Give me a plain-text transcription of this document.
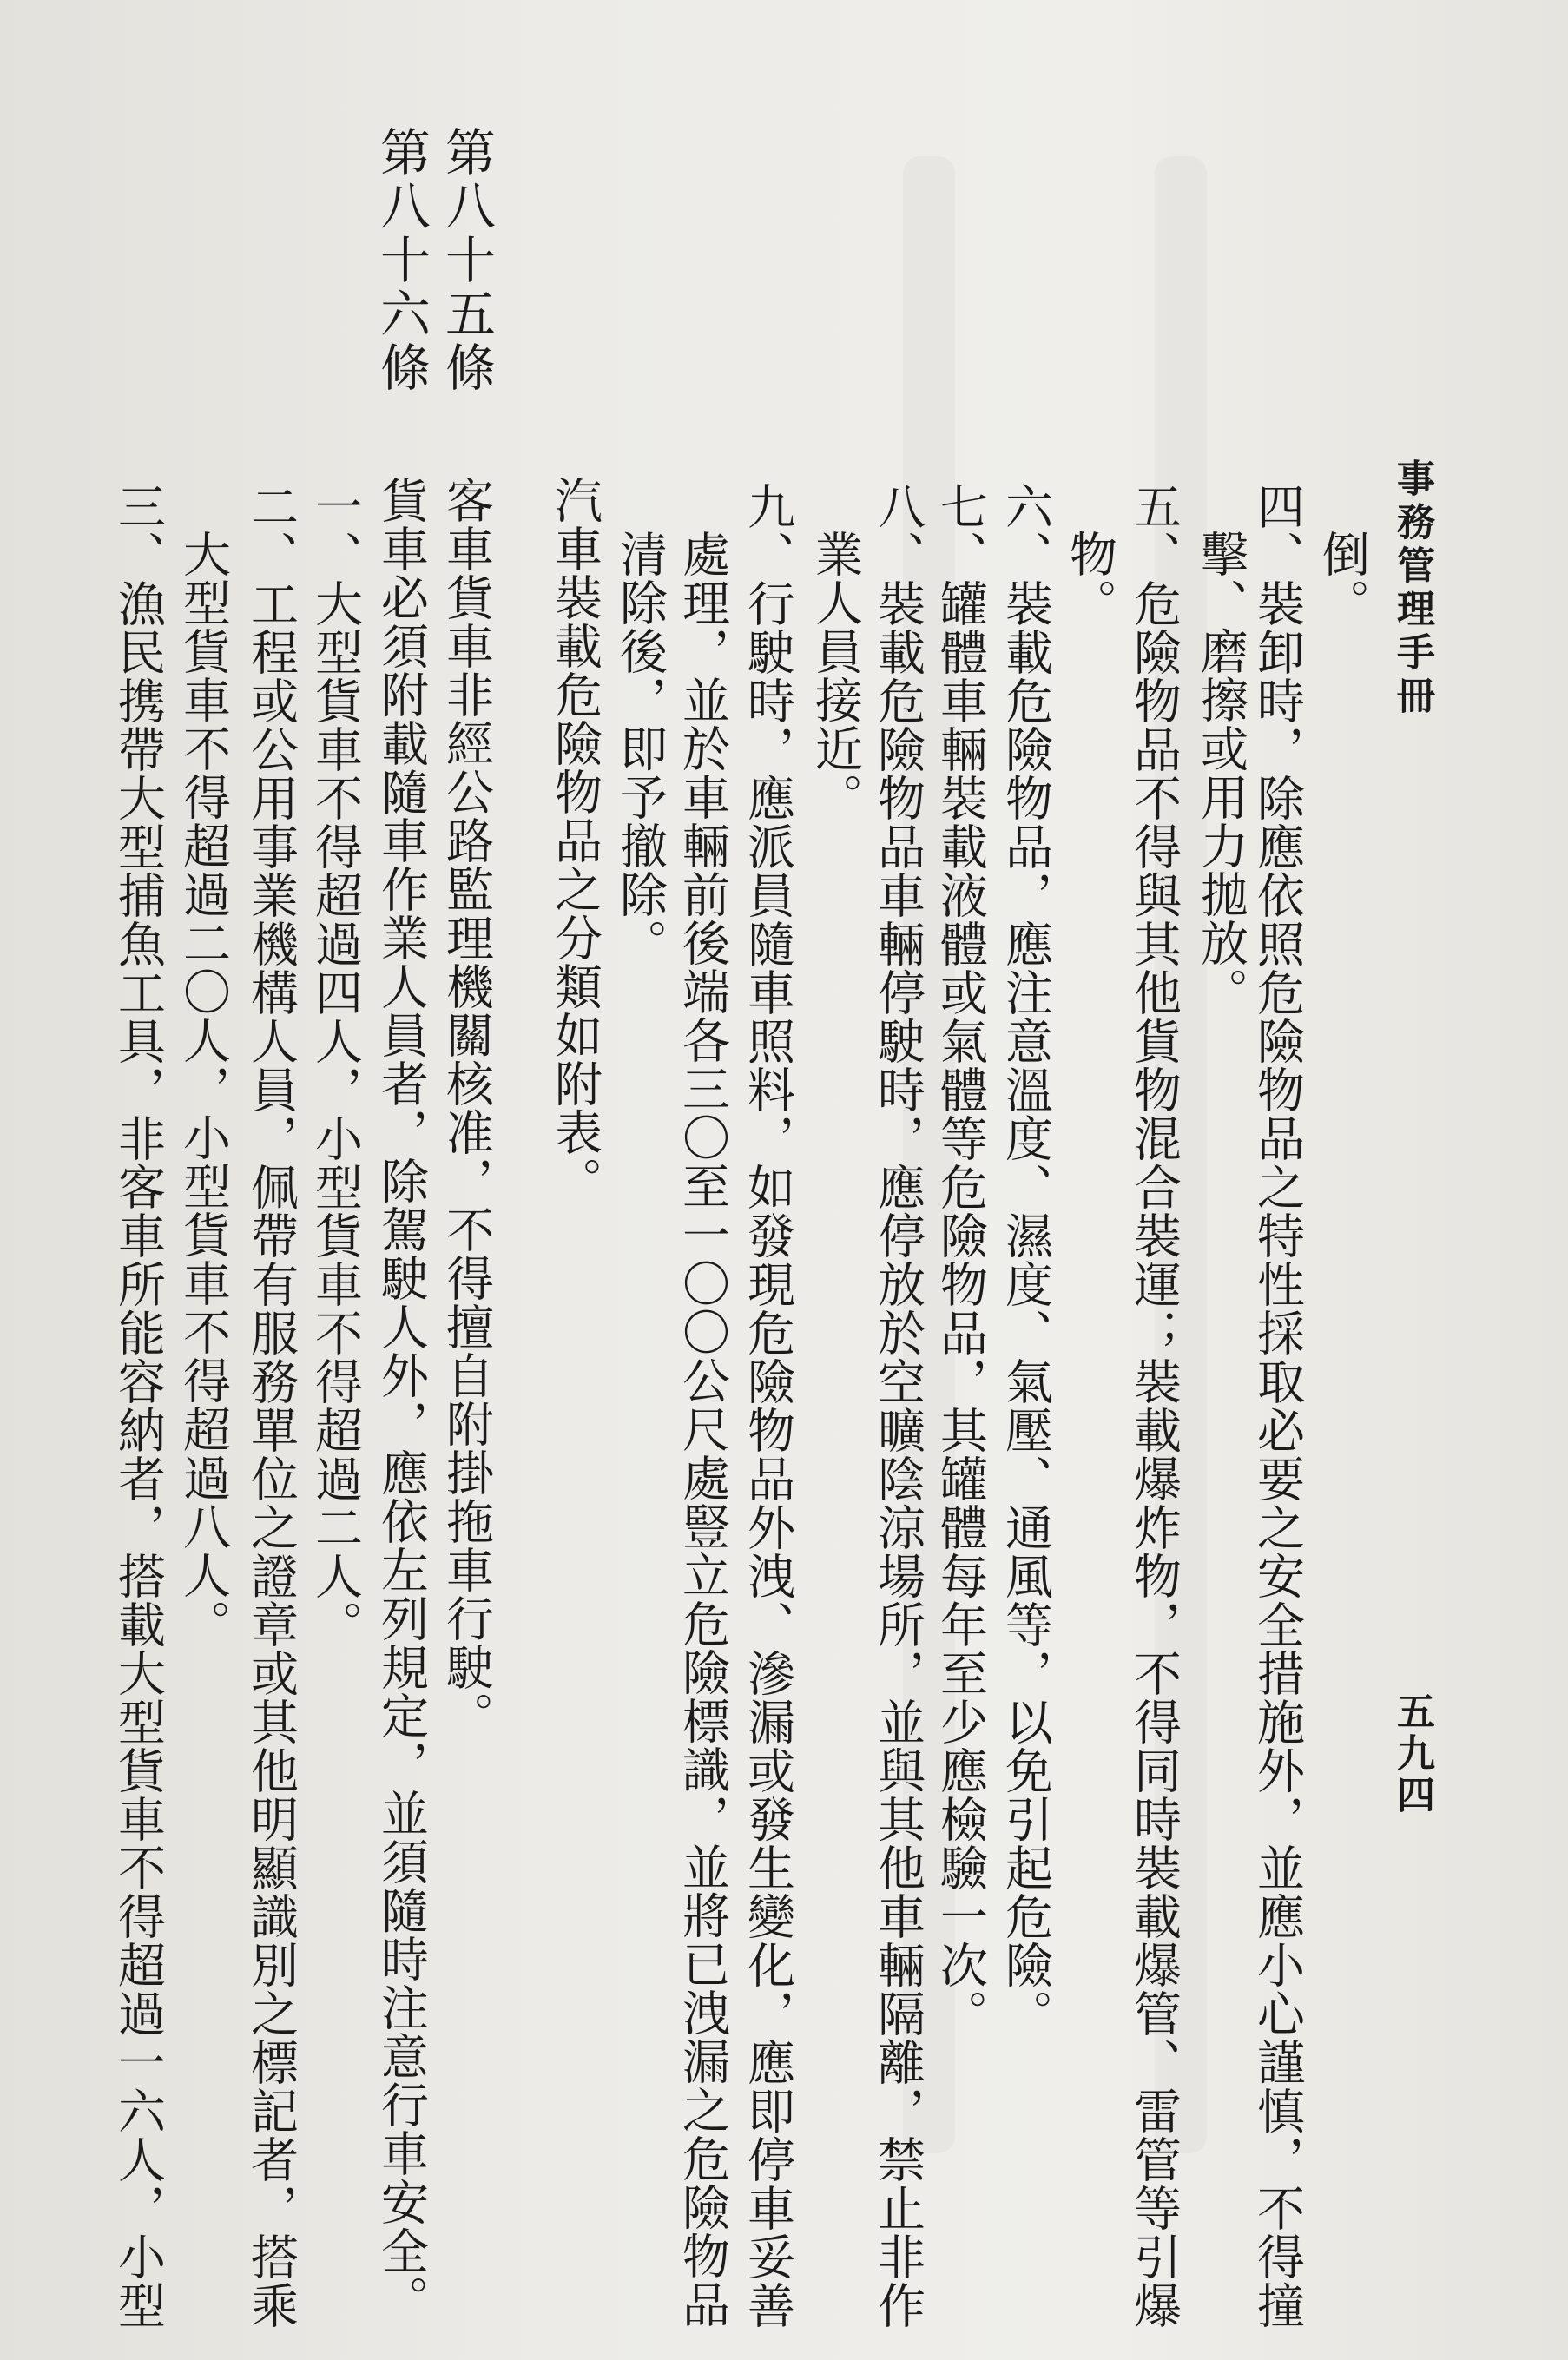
事務管理手冊
五九四
倒。
四、裝卸時，除應依照危險物品之特性採取必要之安全措施外，並應小心謹慎，不得撞
擊、磨擦或用力拋放。
五、危險物品不得與其他貨物混合裝運；裝載爆炸物，不得同時裝載爆管、雷管等引爆
物。
六、裝載危險物品，應注意溫度、濕度、氣壓、通風等，以免引起危險。
七、罐體車輛裝載液體或氣體等危險物品，其罐體每年至少應檢驗一次。
八、裝載危險物品車輛停駛時，應停放於空曠陰涼場所，並與其他車輛隔離，禁止非作
業人員接近。
九、行駛時，應派員隨車照料，如發現危險物品外洩、滲漏或發生變化，應即停車妥善
處理，並於車輛前後端各三〇至一〇〇公尺處豎立危險標識，並將已洩漏之危險物品
清除後，即予撤除。
汽車裝載危險物品之分類如附表。
第八十五條
客車貨車非經公路監理機關核准，不得擅自附掛拖車行駛。
第八十六條
貨車必須附載隨車作業人員者，除駕駛人外，應依左列規定，並須隨時注意行車安全。
一、大型貨車不得超過四人，小型貨車不得超過二人。
二、工程或公用事業機構人員，佩帶有服務單位之證章或其他明顯識別之標記者，搭乘
大型貨車不得超過二〇人，小型貨車不得超過八人。
三、漁民携帶大型捕魚工具，非客車所能容納者，搭載大型貨車不得超過一六人，小型
